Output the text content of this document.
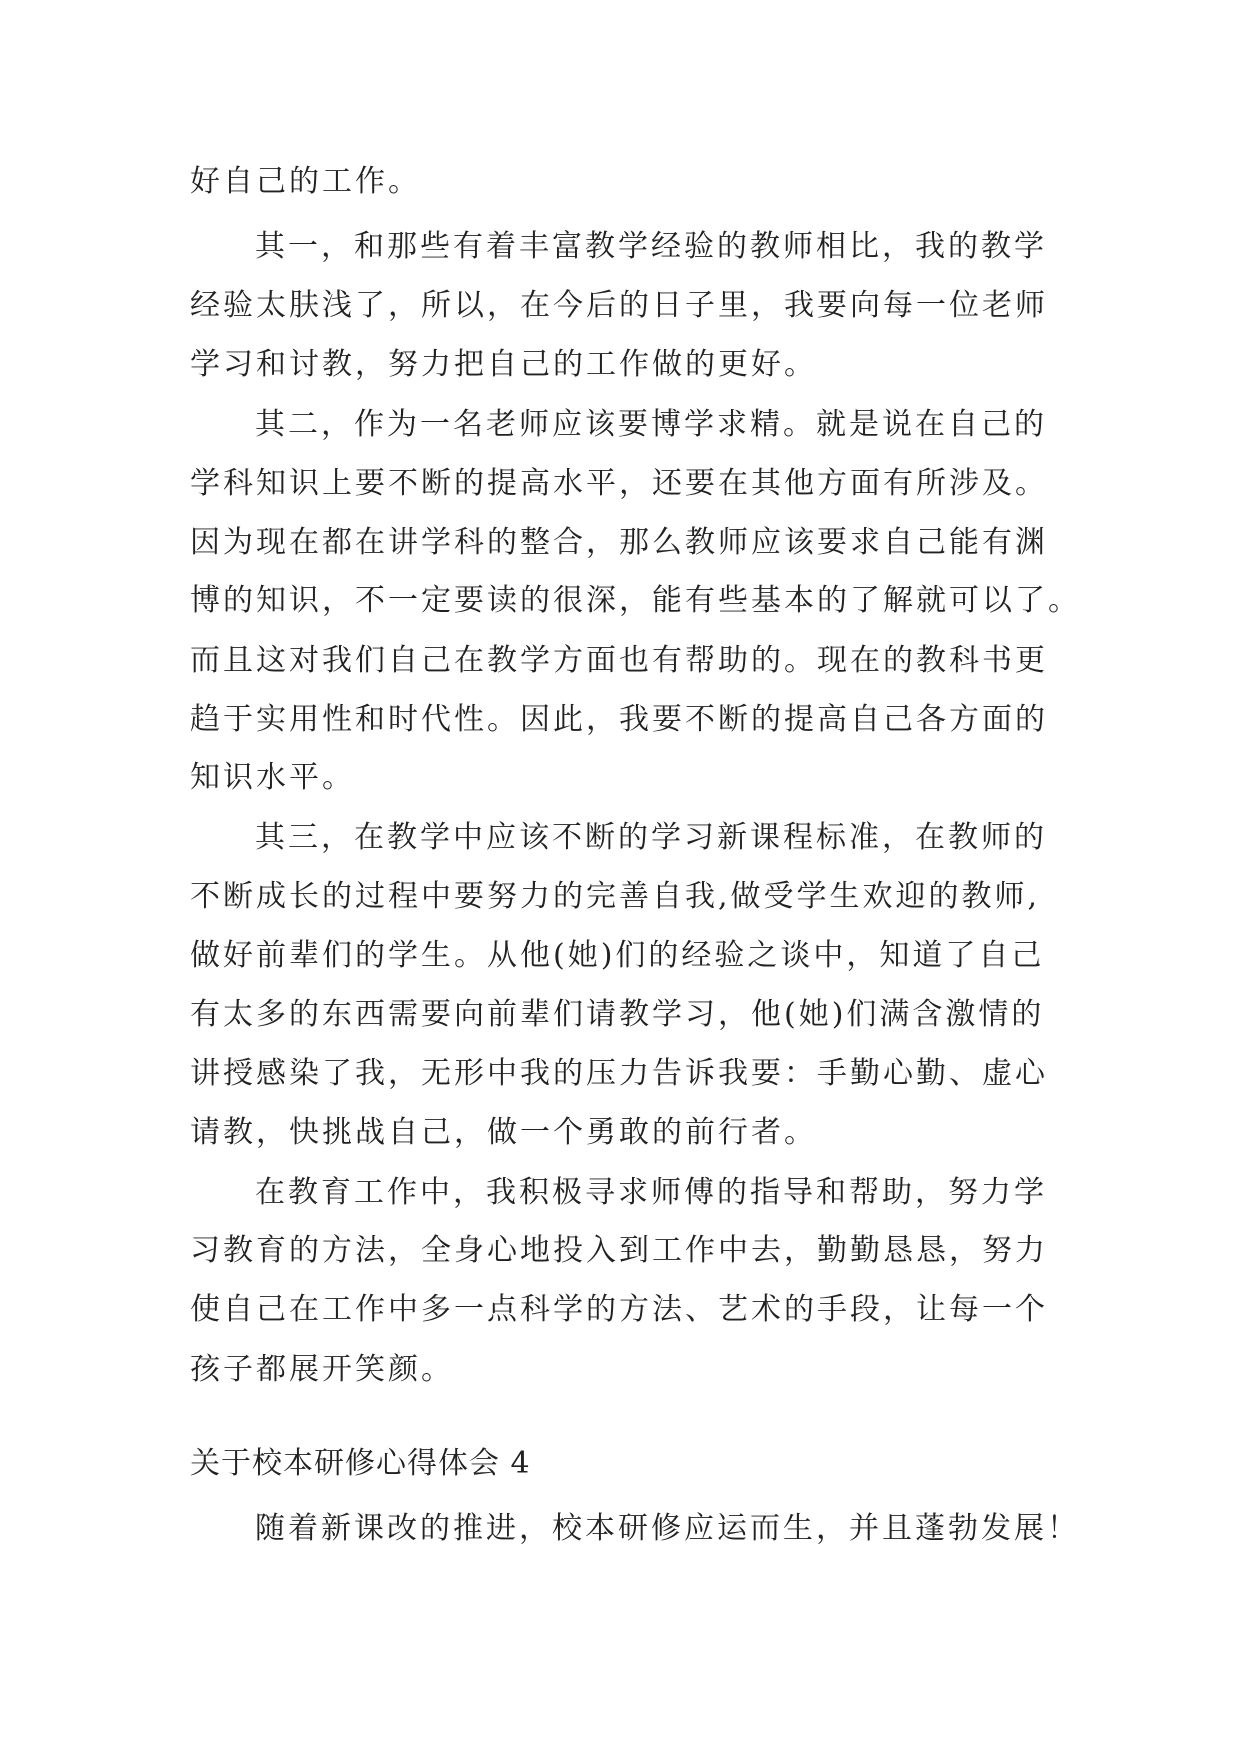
好自己的工作。

其一，和那些有着丰富教学经验的教师相比，我的教学

经验太肤浅了，所以，在今后的日子里，我要向每一位老师

学习和讨教，努力把自己的工作做的更好。

其二，作为一名老师应该要博学求精。就是说在自己的

学科知识上要不断的提高水平，还要在其他方面有所涉及。

因为现在都在讲学科的整合，那么教师应该要求自己能有渊

博的知识，不一定要读的很深，能有些基本的了解就可以了。

而且这对我们自己在教学方面也有帮助的。现在的教科书更

趋于实用性和时代性。因此，我要不断的提高自己各方面的

知识水平。

其三，在教学中应该不断的学习新课程标准，在教师的

不断成长的过程中要努力的完善自我,做受学生欢迎的教师,

做好前辈们的学生。从他(她)们的经验之谈中，知道了自己

有太多的东西需要向前辈们请教学习，他(她)们满含激情的

讲授感染了我，无形中我的压力告诉我要：手勤心勤、虚心

请教，快挑战自己，做一个勇敢的前行者。

在教育工作中，我积极寻求师傅的指导和帮助，努力学

习教育的方法，全身心地投入到工作中去，勤勤恳恳，努力

使自己在工作中多一点科学的方法、艺术的手段，让每一个

孩子都展开笑颜。

关于校本研修心得体会 4

随着新课改的推进，校本研修应运而生，并且蓬勃发展！
